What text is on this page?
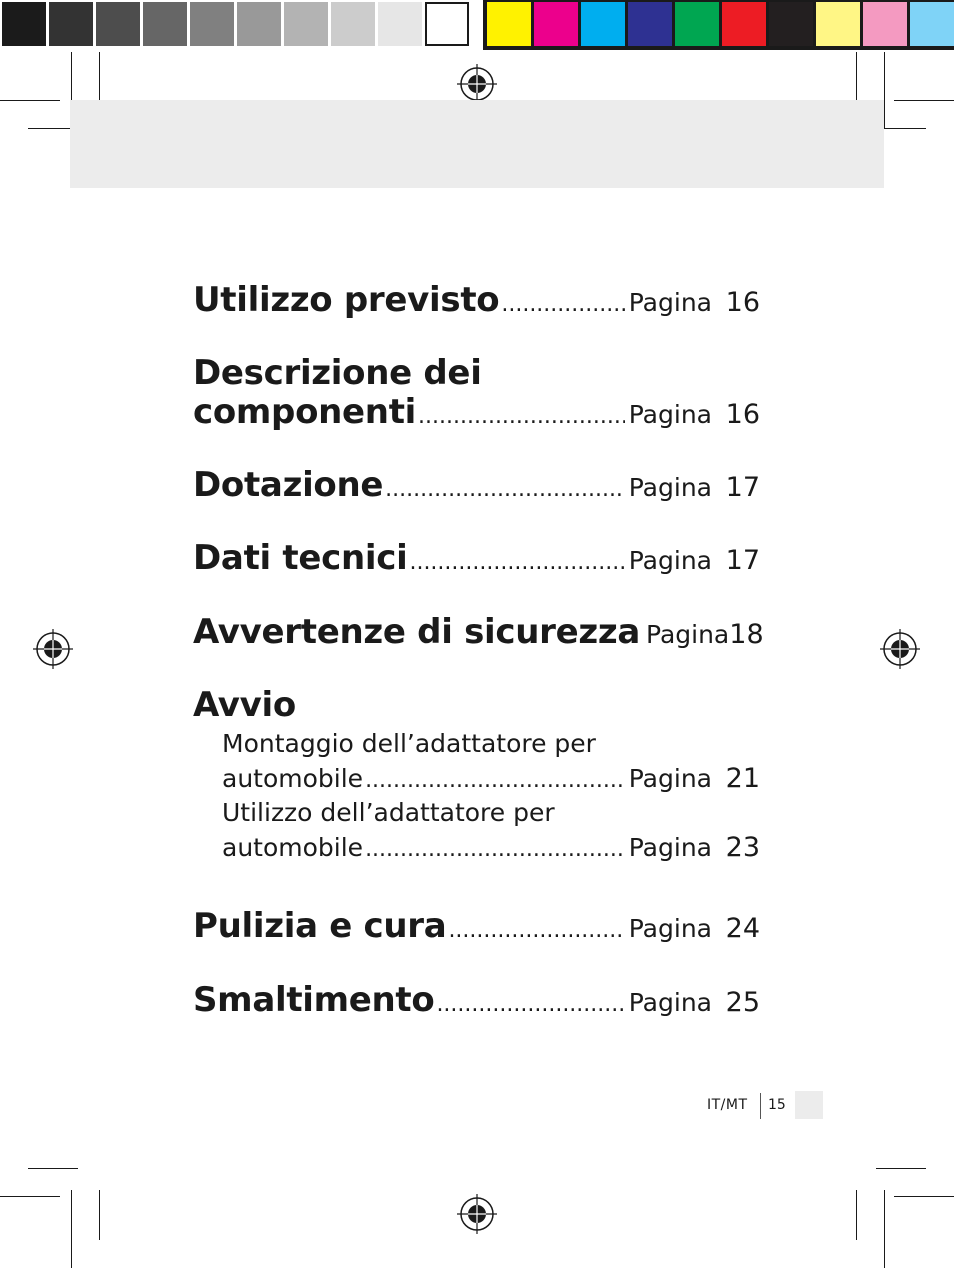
Utilizzo previsto .....	Pagina 16
Descrizione dei
componenti .....	Pagina 16
Dotazione .....	Pagina 17
Dati tecnici .....	Pagina 17
Avvertenze di sicurezza Pagina 18
Avvio
Montaggio dell’adattatore per
automobile .....	Pagina 21
Utilizzo dell’adattatore per
automobile .....	Pagina 23
Pulizia e cura .....	Pagina 24
Smaltimento .....	Pagina 25
IT/MT 15
